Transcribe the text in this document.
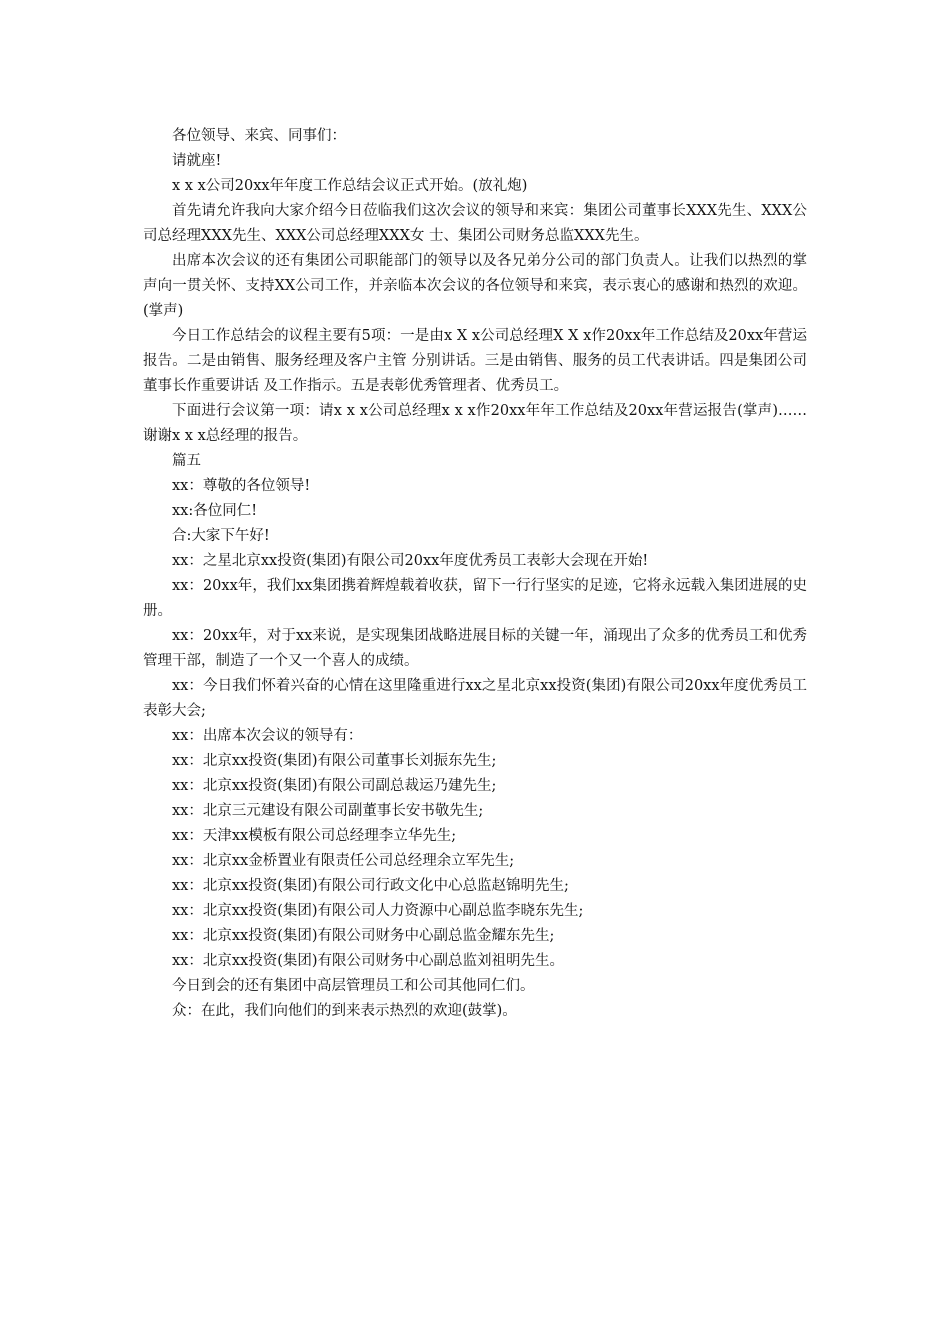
各位领导、来宾、同事们：

请就座!

x x x公司20xx年年度工作总结会议正式开始。(放礼炮)

首先请允许我向大家介绍今日莅临我们这次会议的领导和来宾：集团公司董事长XXX先生、XXX公司总经理XXX先生、XXX公司总经理XXX女 士、集团公司财务总监XXX先生。

出席本次会议的还有集团公司职能部门的领导以及各兄弟分公司的部门负责人。让我们以热烈的掌声向一贯关怀、支持XX公司工作，并亲临本次会议的各位领导和来宾，表示衷心的感谢和热烈的欢迎。(掌声)

今日工作总结会的议程主要有5项：一是由x X x公司总经理X X x作20xx年工作总结及20xx年营运报告。二是由销售、服务经理及客户主管 分别讲话。三是由销售、服务的员工代表讲话。四是集团公司董事长作重要讲话 及工作指示。五是表彰优秀管理者、优秀员工。

下面进行会议第一项：请x x x公司总经理x x x作20xx年年工作总结及20xx年营运报告(掌声)……谢谢x x x总经理的报告。

篇五

xx：尊敬的各位领导!

xx:各位同仁!

合:大家下午好!

xx：之星北京xx投资(集团)有限公司20xx年度优秀员工表彰大会现在开始!

xx：20xx年，我们xx集团携着辉煌载着收获，留下一行行坚实的足迹，它将永远载入集团进展的史册。

xx：20xx年，对于xx来说，是实现集团战略进展目标的关键一年，涌现出了众多的优秀员工和优秀管理干部，制造了一个又一个喜人的成绩。

xx：今日我们怀着兴奋的心情在这里隆重进行xx之星北京xx投资(集团)有限公司20xx年度优秀员工表彰大会;

xx：出席本次会议的领导有：

xx：北京xx投资(集团)有限公司董事长刘振东先生;

xx：北京xx投资(集团)有限公司副总裁运乃建先生;

xx：北京三元建设有限公司副董事长安书敬先生;

xx：天津xx模板有限公司总经理李立华先生;

xx：北京xx金桥置业有限责任公司总经理余立军先生;

xx：北京xx投资(集团)有限公司行政文化中心总监赵锦明先生;

xx：北京xx投资(集团)有限公司人力资源中心副总监李晓东先生;

xx：北京xx投资(集团)有限公司财务中心副总监金耀东先生;

xx：北京xx投资(集团)有限公司财务中心副总监刘祖明先生。

今日到会的还有集团中高层管理员工和公司其他同仁们。

众：在此，我们向他们的到来表示热烈的欢迎(鼓掌)。
